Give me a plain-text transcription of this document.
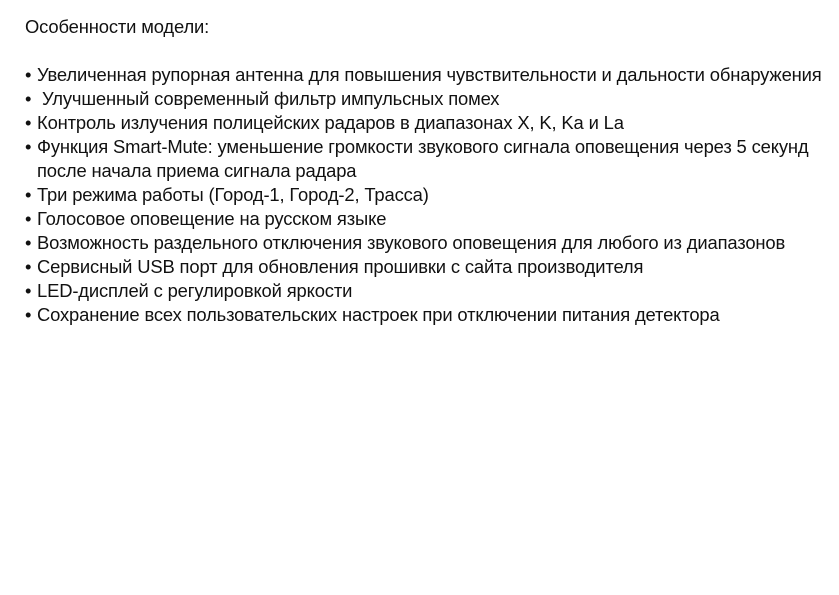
Особенности модели:
• Увеличенная рупорная антенна для повышения чувствительности и дальности обнаружения
• Улучшенный современный фильтр импульсных помех
• Контроль излучения полицейских радаров в диапазонах X, K, Ka и La
• Функция Smart-Mute: уменьшение громкости звукового сигнала оповещения через 5 секунд после начала приема сигнала радара
• Три режима работы (Город-1, Город-2, Трасса)
• Голосовое оповещение на русском языке
• Возможность раздельного отключения звукового оповещения для любого из диапазонов
• Сервисный USB порт для обновления прошивки с сайта производителя
• LED-дисплей с регулировкой яркости
• Сохранение всех пользовательских настроек при отключении питания детектора
